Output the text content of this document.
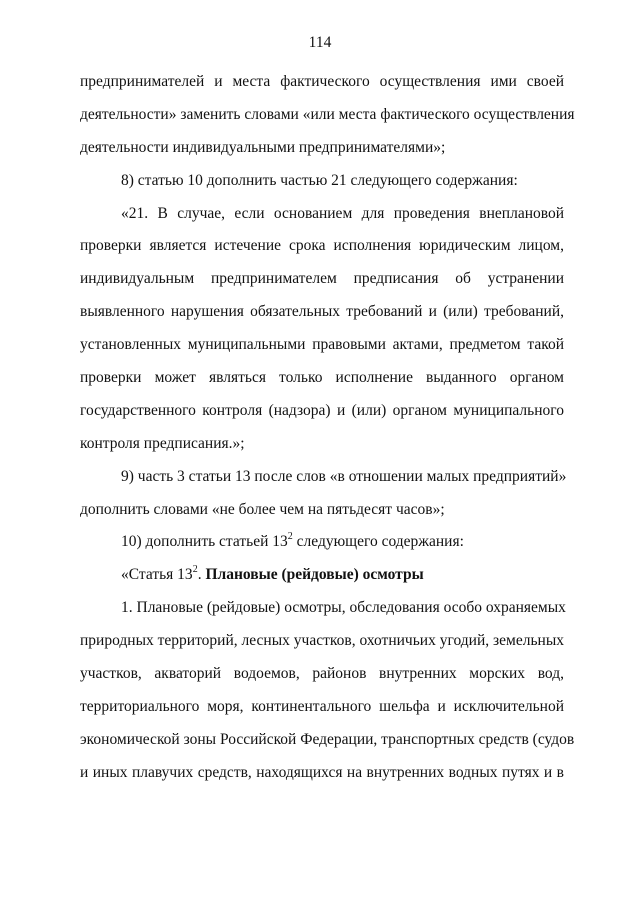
114
предпринимателей и места фактического осуществления ими своей
деятельности» заменить словами «или места фактического осуществления
деятельности индивидуальными предпринимателями»;
8) статью 10 дополнить частью 21 следующего содержания:
«21. В случае, если основанием для проведения внеплановой
проверки является истечение срока исполнения юридическим лицом,
индивидуальным предпринимателем предписания об устранении
выявленного нарушения обязательных требований и (или) требований,
установленных муниципальными правовыми актами, предметом такой
проверки может являться только исполнение выданного органом
государственного контроля (надзора) и (или) органом муниципального
контроля предписания.»;
9) часть 3 статьи 13 после слов «в отношении малых предприятий»
дополнить словами «не более чем на пятьдесят часов»;
10) дополнить статьей $13^2$ следующего содержания:
«Статья $13^2$. Плановые (рейдовые) осмотры
1. Плановые (рейдовые) осмотры, обследования особо охраняемых
природных территорий, лесных участков, охотничьих угодий, земельных
участков, акваторий водоемов, районов внутренних морских вод,
территориального моря, континентального шельфа и исключительной
экономической зоны Российской Федерации, транспортных средств (судов
и иных плавучих средств, находящихся на внутренних водных путях и в
